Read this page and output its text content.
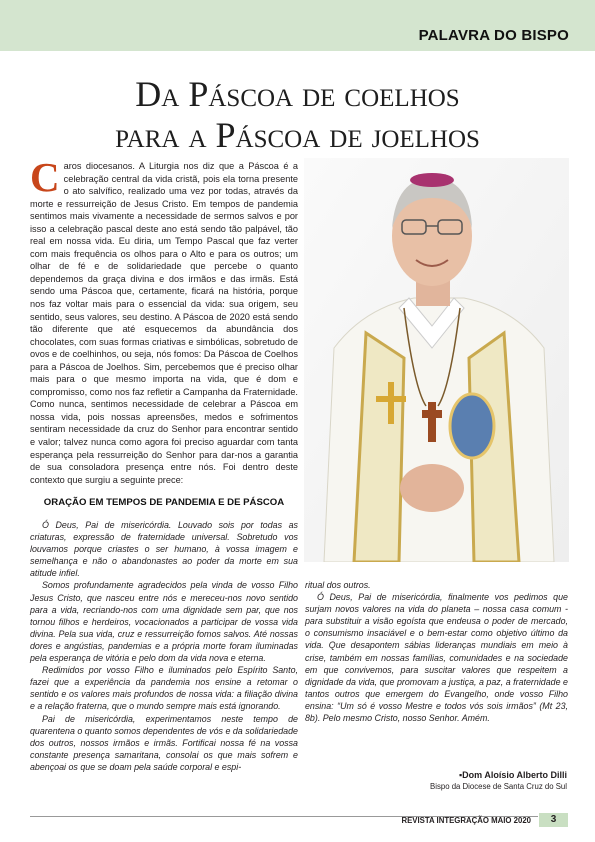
PALAVRA DO BISPO
Da Páscoa de coelhos
para a Páscoa de joelhos
Caros diocesanos. A Liturgia nos diz que a Páscoa é a celebração central da vida cristã, pois ela torna presente o ato salvífico, realizado uma vez por todas, através da morte e ressurreição de Jesus Cristo. Em tempos de pandemia sentimos mais vivamente a necessidade de sermos salvos e por isso a celebração pascal deste ano está sendo tão palpável, tão real em nossa vida. Eu diria, um Tempo Pascal que faz verter com mais frequência os olhos para o Alto e para os outros; um olhar de fé e de solidariedade que percebe o quanto dependemos da graça divina e dos irmãos e das irmãs. Está sendo uma Páscoa que, certamente, ficará na história, porque nos faz voltar mais para o essencial da vida: sua origem, seu sentido, seus valores, seu destino. A Páscoa de 2020 está sendo tão diferente que até esquecemos da abundância dos chocolates, com suas formas criativas e simbólicas, sobretudo de ovos e de coelhinhos, ou seja, nós fomos: Da Páscoa de Coelhos para a Páscoa de Joelhos. Sim, percebemos que é preciso olhar mais para o que mesmo importa na vida, que é dom e compromisso, como nos faz refletir a Campanha da Fraternidade. Como nunca, sentimos necessidade de celebrar a Páscoa em nossa vida, pois nossas apreensões, medos e sofrimentos sentiram necessidade da cruz do Senhor para encontrar sentido e valor; talvez nunca como agora foi preciso aguardar com tanta esperança pela ressurreição do Senhor para dar-nos a garantia de sua consoladora presença entre nós. Foi dentro deste contexto que surgiu a seguinte prece:
ORAÇÃO EM TEMPOS DE PANDEMIA E DE PÁSCOA

Ó Deus, Pai de misericórdia. Louvado sois por todas as criaturas, expressão de fraternidade universal. Sobretudo vos louvamos porque criastes o ser humano, à vossa imagem e semelhança e não o abandonastes ao poder da morte em sua atitude infiel.

Somos profundamente agradecidos pela vinda de vosso Filho Jesus Cristo, que nasceu entre nós e mereceu-nos novo sentido para a vida, recriando-nos com uma dignidade sem par, que nos tornou filhos e herdeiros, vocacionados a participar de vossa vida divina. Pela sua vida, cruz e ressurreição fomos salvos. Até nossas dores e angústias, pandemias e a própria morte foram iluminadas pela esperança de vitória e pelo dom da vida nova e eterna.

Redimidos por vosso Filho e iluminados pelo Espírito Santo, fazei que a experiência da pandemia nos ensine a retomar o sentido e os valores mais profundos de nossa vida: a filiação divina e a relação fraterna, que o mundo sempre mais está ignorando.

Pai de misericórdia, experimentamos neste tempo de quarentena o quanto somos dependentes de vós e da solidariedade dos outros, nossos irmãos e irmãs. Fortificai nossa fé na vossa constante presença samaritana, consolai os que mais sofrem e abençoai os que se doam pela saúde corporal e espi-

ritual dos outros.

Ó Deus, Pai de misericórdia, finalmente vos pedimos que surjam novos valores na vida do planeta – nossa casa comum - para substituir a visão egoísta que endeusa o poder de mercado, o consumismo insaciável e o bem-estar como objetivo último da vida. Que desapontem sábias lideranças mundiais em meio à crise, também em nossas famílias, comunidades e na sociedade em que convivemos, para suscitar valores que respeitem a dignidade da vida, que promovam a justiça, a paz, a fraternidade e tantos outros que emergem do Evangelho, onde vosso Filho ensina: “Um só é vosso Mestre e todos vós sois irmãos” (Mt 23, 8b). Pelo mesmo Cristo, nosso Senhor. Amém.

▪Dom Aloísio Alberto Dilli
Bispo da Diocese de Santa Cruz do Sul
REVISTA INTEGRAÇÃO MAIO 2020	3
